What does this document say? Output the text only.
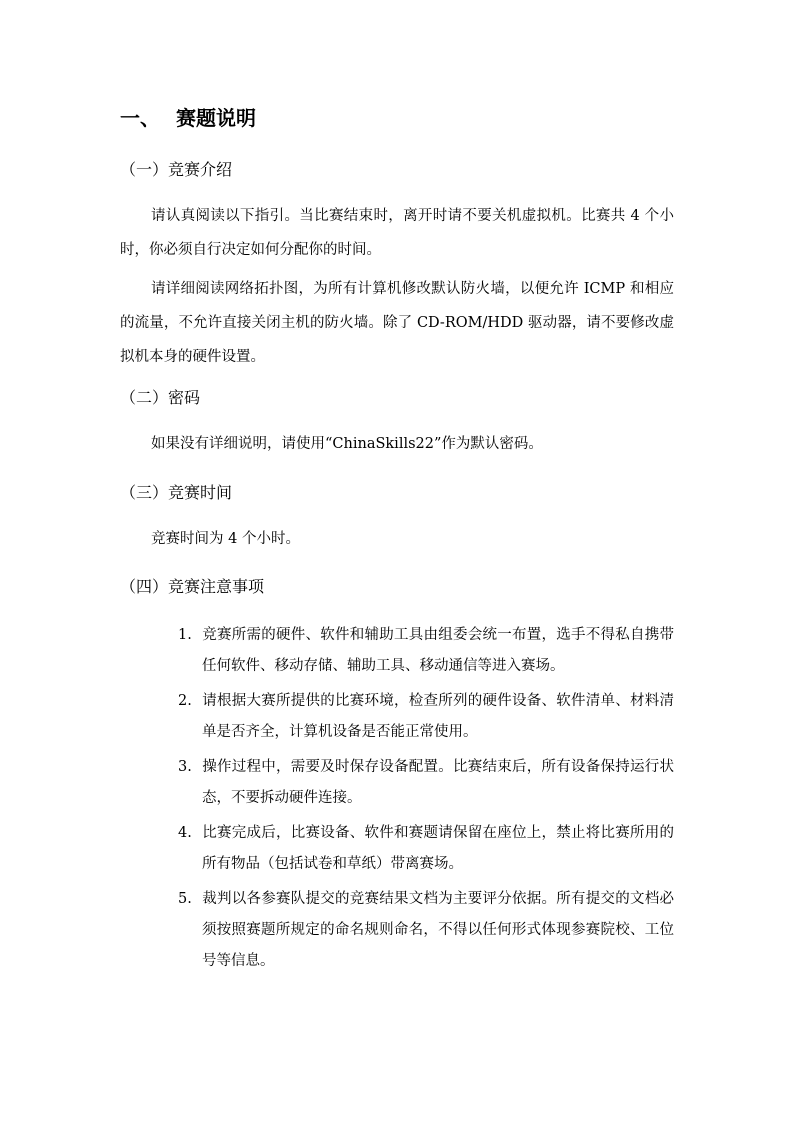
一、 赛题说明
（一）竞赛介绍
请认真阅读以下指引。当比赛结束时，离开时请不要关机虚拟机。比赛共 4 个小时，你必须自行决定如何分配你的时间。
请详细阅读网络拓扑图，为所有计算机修改默认防火墙，以便允许 ICMP 和相应的流量，不允许直接关闭主机的防火墙。除了 CD-ROM/HDD 驱动器，请不要修改虚拟机本身的硬件设置。
（二）密码
如果没有详细说明，请使用“ChinaSkills22”作为默认密码。
（三）竞赛时间
竞赛时间为 4 个小时。
（四）竞赛注意事项
1. 竞赛所需的硬件、软件和辅助工具由组委会统一布置，选手不得私自携带任何软件、移动存储、辅助工具、移动通信等进入赛场。
2. 请根据大赛所提供的比赛环境，检查所列的硬件设备、软件清单、材料清单是否齐全，计算机设备是否能正常使用。
3. 操作过程中，需要及时保存设备配置。比赛结束后，所有设备保持运行状态，不要拆动硬件连接。
4. 比赛完成后，比赛设备、软件和赛题请保留在座位上，禁止将比赛所用的所有物品（包括试卷和草纸）带离赛场。
5. 裁判以各参赛队提交的竞赛结果文档为主要评分依据。所有提交的文档必须按照赛题所规定的命名规则命名，不得以任何形式体现参赛院校、工位号等信息。
